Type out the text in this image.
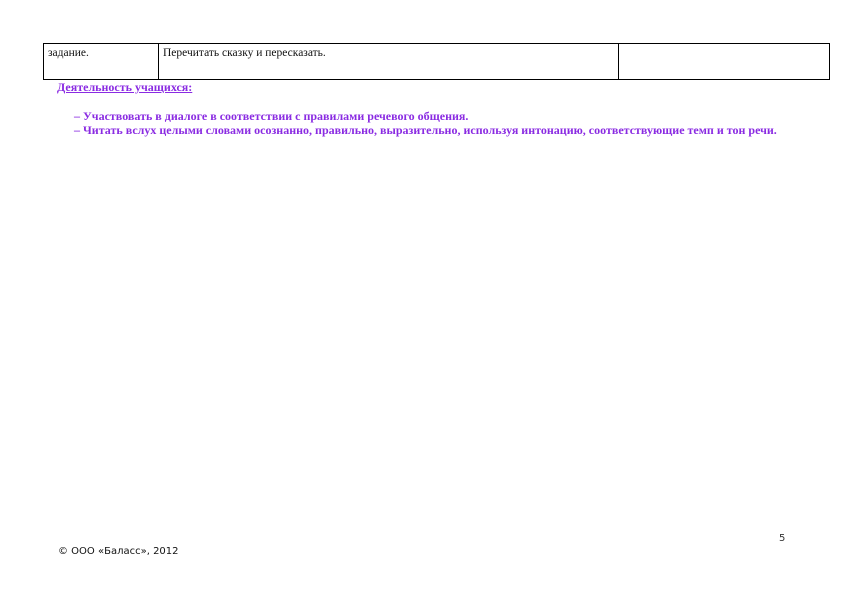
задание.	Перечитать сказку и пересказать.	
Деятельность учащихся:
– Участвовать в диалоге в соответствии с правилами речевого общения.
– Читать вслух целыми словами осознанно, правильно, выразительно, используя интонацию, соответствующие темп и тон речи.
5
© ООО «Баласс», 2012
